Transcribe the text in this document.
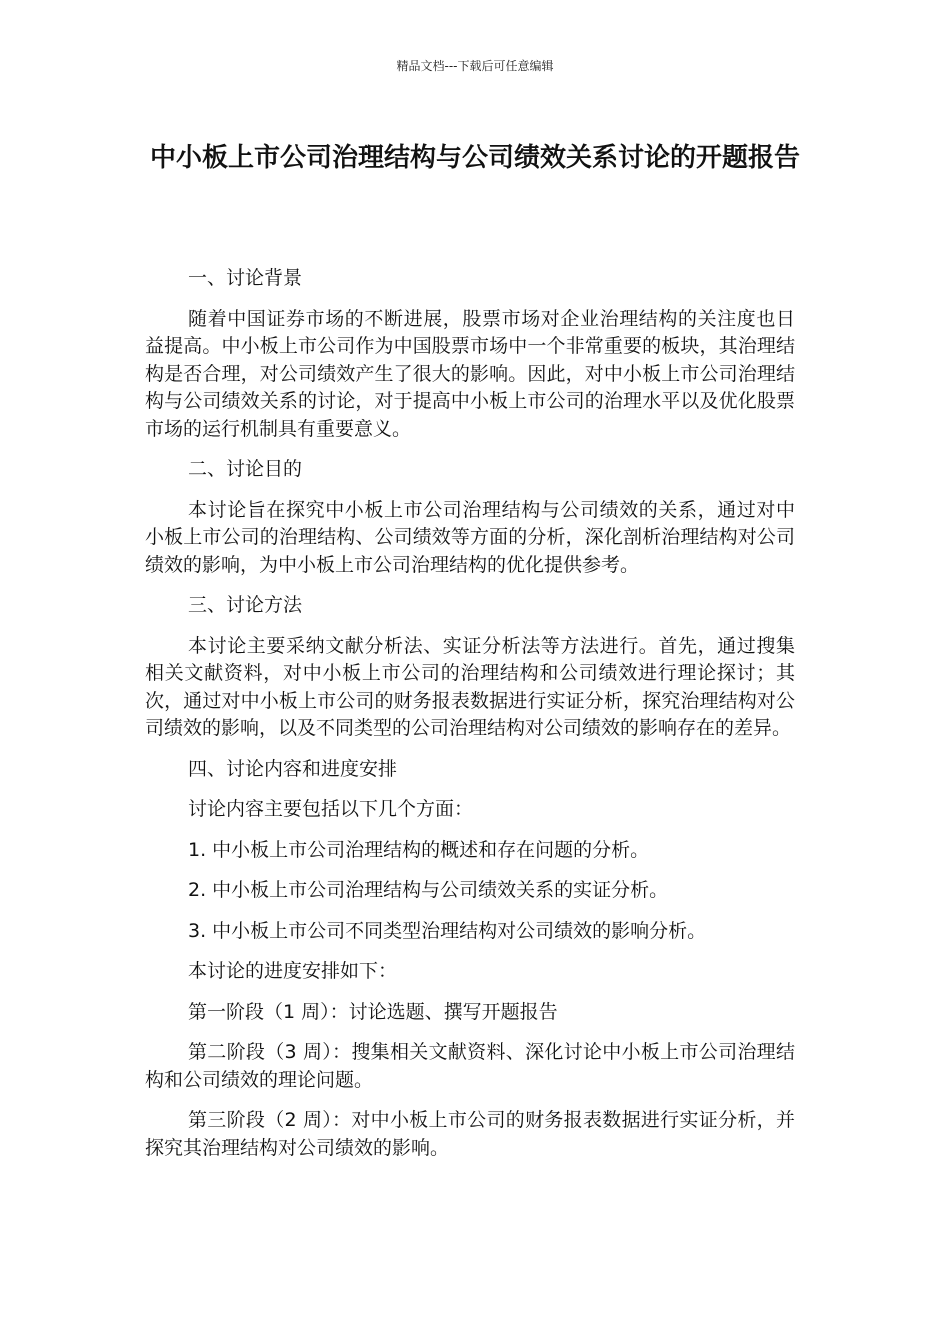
精品文档---下载后可任意编辑
中小板上市公司治理结构与公司绩效关系讨论的开题报告

一、讨论背景

随着中国证券市场的不断进展，股票市场对企业治理结构的关注度也日益提高。中小板上市公司作为中国股票市场中一个非常重要的板块，其治理结构是否合理，对公司绩效产生了很大的影响。因此，对中小板上市公司治理结构与公司绩效关系的讨论，对于提高中小板上市公司的治理水平以及优化股票市场的运行机制具有重要意义。

二、讨论目的

本讨论旨在探究中小板上市公司治理结构与公司绩效的关系，通过对中小板上市公司的治理结构、公司绩效等方面的分析，深化剖析治理结构对公司绩效的影响，为中小板上市公司治理结构的优化提供参考。

三、讨论方法

本讨论主要采纳文献分析法、实证分析法等方法进行。首先，通过搜集相关文献资料，对中小板上市公司的治理结构和公司绩效进行理论探讨；其次，通过对中小板上市公司的财务报表数据进行实证分析，探究治理结构对公司绩效的影响，以及不同类型的公司治理结构对公司绩效的影响存在的差异。

四、讨论内容和进度安排

讨论内容主要包括以下几个方面：

1. 中小板上市公司治理结构的概述和存在问题的分析。

2. 中小板上市公司治理结构与公司绩效关系的实证分析。

3. 中小板上市公司不同类型治理结构对公司绩效的影响分析。

本讨论的进度安排如下：

第一阶段（1 周）：讨论选题、撰写开题报告

第二阶段（3 周）：搜集相关文献资料、深化讨论中小板上市公司治理结构和公司绩效的理论问题。

第三阶段（2 周）：对中小板上市公司的财务报表数据进行实证分析，并探究其治理结构对公司绩效的影响。
